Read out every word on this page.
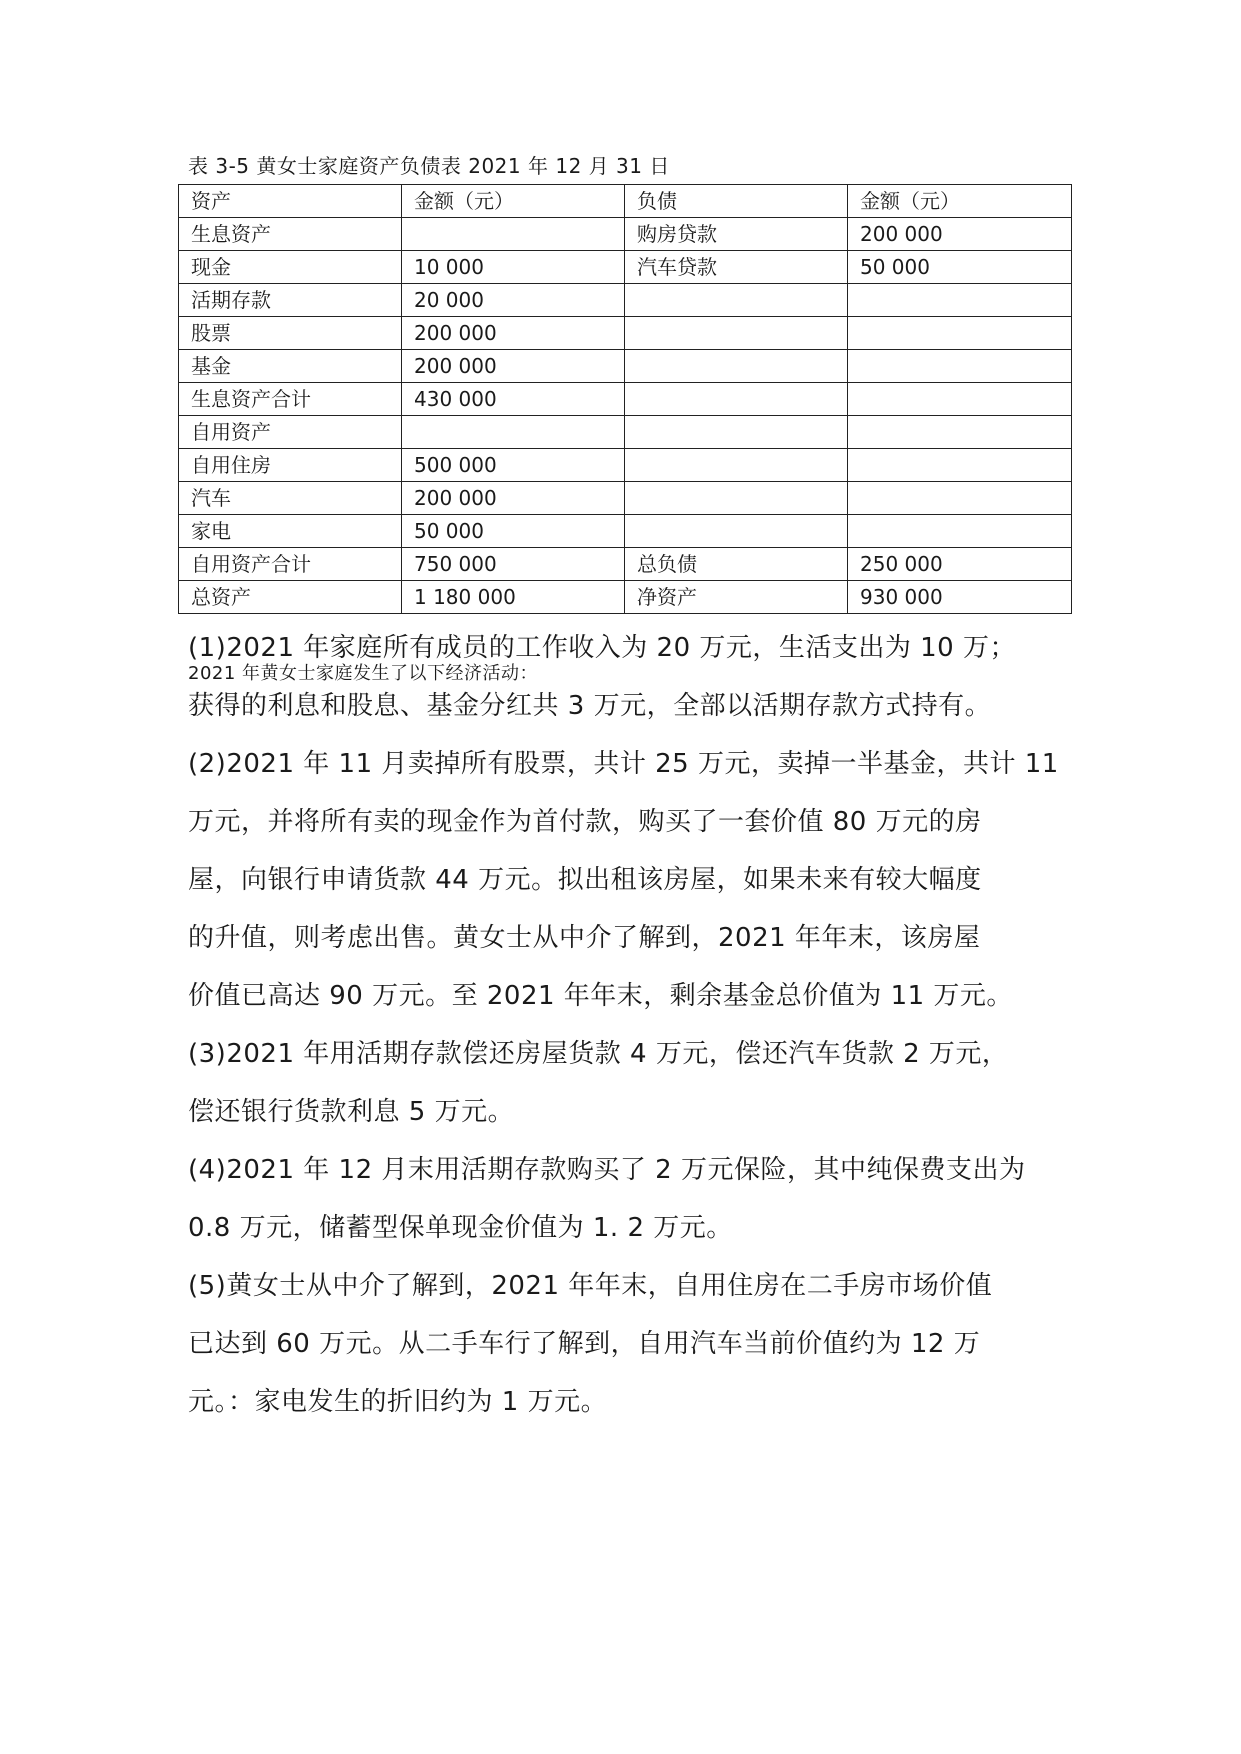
表 3-5 黄女士家庭资产负债表 2021 年 12 月 31 日
资产	金额（元）	负债	金额（元）
生息资产		购房贷款	200 000
现金	10 000	汽车贷款	50 000
活期存款	20 000		
股票	200 000		
基金	200 000		
生息资产合计	430 000		
自用资产			
自用住房	500 000		
汽车	200 000		
家电	50 000		
自用资产合计	750 000	总负债	250 000
总资产	1 180 000	净资产	930 000
2021 年黄女士家庭发生了以下经济活动：
(1)2021 年家庭所有成员的工作收入为 20 万元，生活支出为 10 万；
获得的利息和股息、基金分红共 3 万元，全部以活期存款方式持有。
(2)2021 年 11 月卖掉所有股票，共计 25 万元，卖掉一半基金，共计 11
万元，并将所有卖的现金作为首付款，购买了一套价值 80 万元的房
屋，向银行申请货款 44 万元。拟出租该房屋，如果未来有较大幅度
的升值，则考虑出售。黄女士从中介了解到，2021 年年末，该房屋
价值已高达 90 万元。至 2021 年年末，剩余基金总价值为 11 万元。
(3)2021 年用活期存款偿还房屋货款 4 万元，偿还汽车货款 2 万元，
偿还银行货款利息 5 万元。
(4)2021 年 12 月末用活期存款购买了 2 万元保险，其中纯保费支出为
0.8 万元，储蓄型保单现金价值为 1. 2 万元。
(5)黄女士从中介了解到，2021 年年末，自用住房在二手房市场价值
已达到 60 万元。从二手车行了解到，自用汽车当前价值约为 12 万
元。：家电发生的折旧约为 1 万元。
